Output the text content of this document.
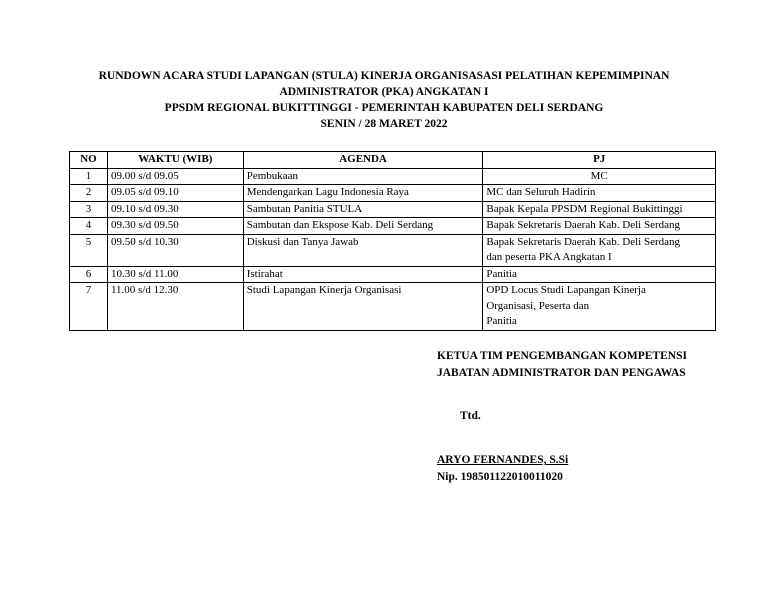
RUNDOWN ACARA STUDI LAPANGAN (STULA) KINERJA ORGANISASASI PELATIHAN KEPEMIMPINAN
ADMINISTRATOR (PKA) ANGKATAN I
PPSDM REGIONAL BUKITTINGGI - PEMERINTAH KABUPATEN DELI SERDANG
SENIN / 28 MARET 2022
NO	WAKTU (WIB)	AGENDA	PJ
1	09.00 s/d 09.05	Pembukaan	MC

2	09.05 s/d 09.10	Mendengarkan Lagu Indonesia Raya	MC dan Seluruh Hadirin

3	09.10 s/d 09.30	Sambutan Panitia STULA	Bapak Kepala PPSDM Regional Bukittinggi

4	09.30 s/d 09.50	Sambutan dan Ekspose Kab. Deli Serdang	Bapak Sekretaris Daerah Kab. Deli Serdang

5	09.50 s/d 10.30	Diskusi dan Tanya Jawab	Bapak Sekretaris Daerah Kab. Deli Serdang
dan peserta PKA Angkatan I

6	10.30 s/d 11.00	Istirahat	Panitia

7	11.00 s/d 12.30	Studi Lapangan Kinerja Organisasi	OPD Locus Studi Lapangan Kinerja
Organisasi, Peserta dan
Panitia
KETUA TIM PENGEMBANGAN KOMPETENSI
JABATAN ADMINISTRATOR DAN PENGAWAS
Ttd.
ARYO FERNANDES, S.Si
Nip. 198501122010011020
